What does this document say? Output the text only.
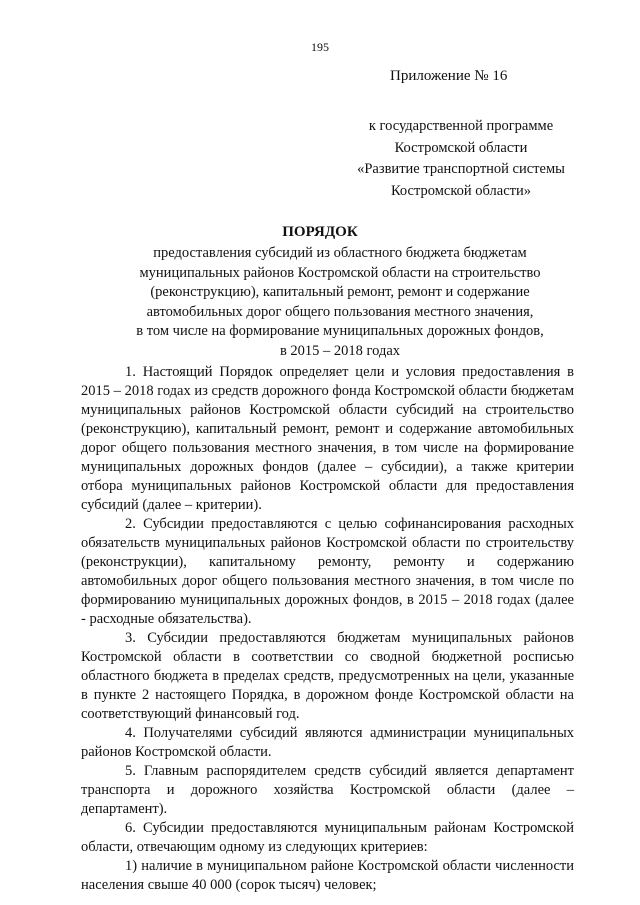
195
Приложение № 16
к государственной программе
Костромской области
«Развитие транспортной системы
Костромской области»
ПОРЯДОК
предоставления субсидий из областного бюджета бюджетам
муниципальных районов Костромской области на строительство
(реконструкцию), капитальный ремонт, ремонт и содержание
автомобильных дорог общего пользования местного значения,
в том числе на формирование муниципальных дорожных фондов,
в 2015 – 2018 годах

1. Настоящий Порядок определяет цели и условия предоставления в 2015 – 2018 годах из средств дорожного фонда Костромской области бюджетам муниципальных районов Костромской области субсидий на строительство (реконструкцию), капитальный ремонт, ремонт и содержание автомобильных дорог общего пользования местного значения, в том числе на формирование муниципальных дорожных фондов (далее – субсидии), а также критерии отбора муниципальных районов Костромской области для предоставления субсидий (далее – критерии).

2. Субсидии предоставляются с целью софинансирования расходных обязательств муниципальных районов Костромской области по строительству (реконструкции), капитальному ремонту, ремонту и содержанию автомобильных дорог общего пользования местного значения, в том числе по формированию муниципальных дорожных фондов, в 2015 – 2018 годах (далее - расходные обязательства).

3. Субсидии предоставляются бюджетам муниципальных районов Костромской области в соответствии со сводной бюджетной росписью областного бюджета в пределах средств, предусмотренных на цели, указанные в пункте 2 настоящего Порядка, в дорожном фонде Костромской области на соответствующий финансовый год.

4. Получателями субсидий являются администрации муниципальных районов Костромской области.

5. Главным распорядителем средств субсидий является департамент транспорта и дорожного хозяйства Костромской области (далее – департамент).

6. Субсидии предоставляются муниципальным районам Костромской области, отвечающим одному из следующих критериев:

1) наличие в муниципальном районе Костромской области численности населения свыше 40 000 (сорок тысяч) человек;
